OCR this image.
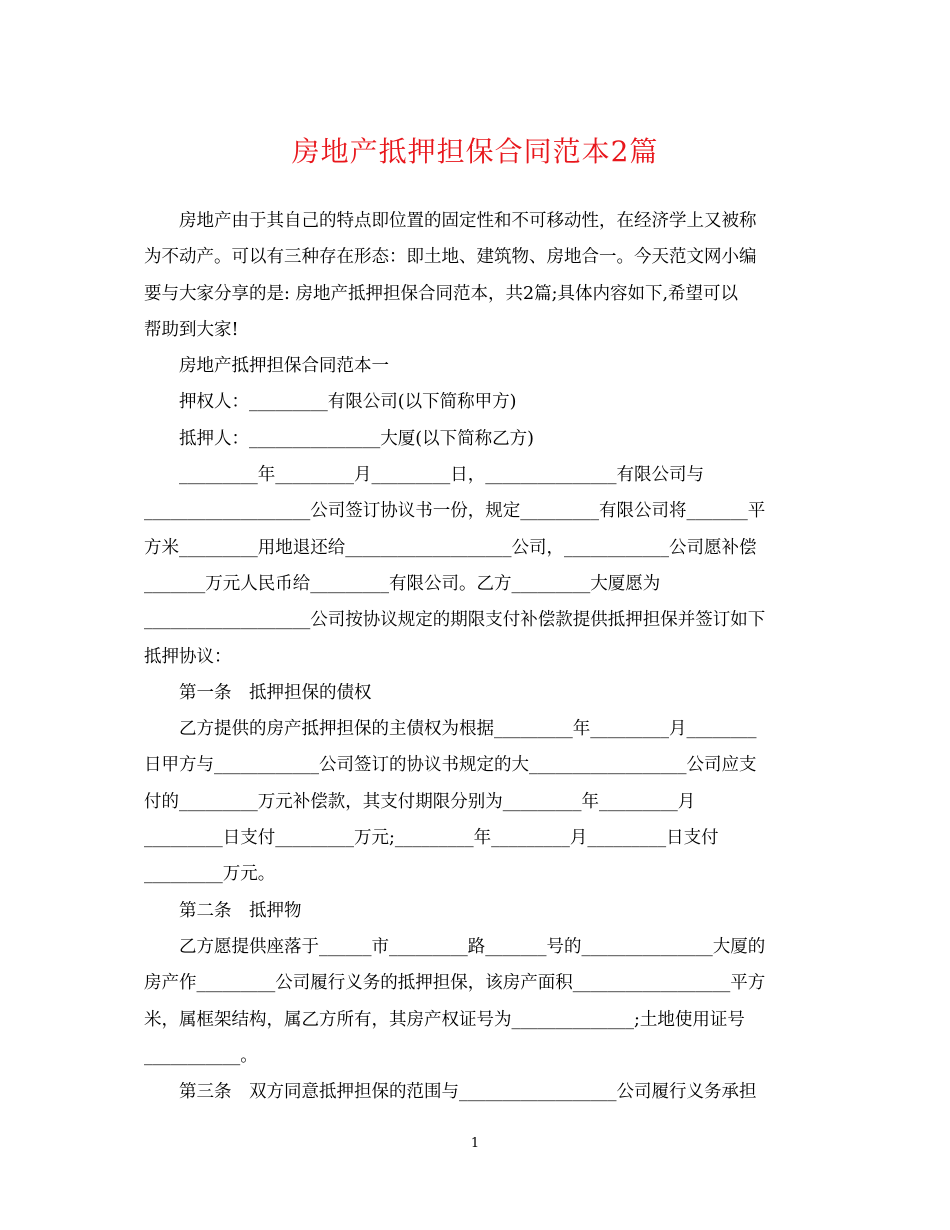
房地产抵押担保合同范本2篇
房地产由于其自己的特点即位置的固定性和不可移动性，在经济学上又被称
为不动产。可以有三种存在形态：即土地、建筑物、房地合一。今天范文网小编
要与大家分享的是: 房地产抵押担保合同范本，共2篇;具体内容如下,希望可以
帮助到大家!
房地产抵押担保合同范本一
押权人：_________有限公司(以下简称甲方)
抵押人：_______________大厦(以下简称乙方)
_________年_________月_________日，_______________有限公司与
___________________公司签订协议书一份，规定_________有限公司将_______平
方米_________用地退还给___________________公司，____________公司愿补偿
_______万元人民币给_________有限公司。乙方_________大厦愿为
___________________公司按协议规定的期限支付补偿款提供抵押担保并签订如下
抵押协议：
第一条　抵押担保的债权
乙方提供的房产抵押担保的主债权为根据_________年_________月________
日甲方与____________公司签订的协议书规定的大__________________公司应支
付的_________万元补偿款，其支付期限分别为_________年_________月
_________日支付_________万元;_________年_________月_________日支付
_________万元。
第二条　抵押物
乙方愿提供座落于______市_________路_______号的_______________大厦的
房产作_________公司履行义务的抵押担保，该房产面积__________________平方
米，属框架结构，属乙方所有，其房产权证号为______________;土地使用证号
___________。
第三条　双方同意抵押担保的范围与__________________公司履行义务承担
1
